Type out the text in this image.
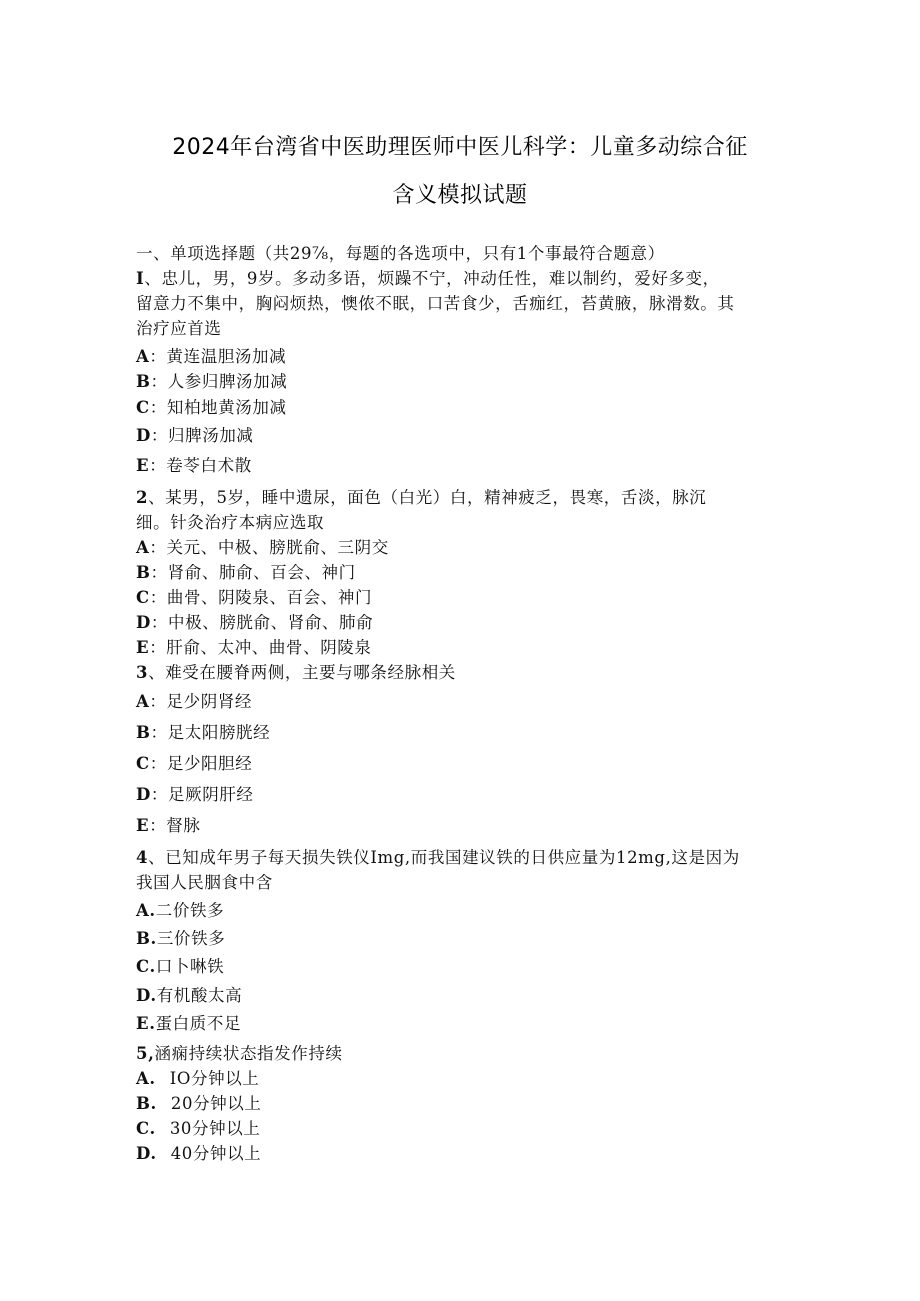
2024年台湾省中医助理医师中医儿科学：儿童多动综合征
含义模拟试题
一、单项选择题（共29⅞，每题的各选项中，只有1个事最符合题意）
I、忠儿，男，9岁。多动多语，烦躁不宁，冲动任性，难以制约，爱好多变，
留意力不集中，胸闷烦热，懊侬不眠，口苦食少，舌痂红，苔黄腋，脉滑数。其
治疗应首选
A：黄连温胆汤加减
B：人参归脾汤加减
C：知柏地黄汤加减
D：归脾汤加减
E：卷苓白术散
2、某男，5岁，睡中遗尿，面色（白光）白，精神疲乏，畏寒，舌淡，脉沉
细。针灸治疗本病应选取
A：关元、中极、膀胱俞、三阴交
B：肾俞、肺俞、百会、神门
C：曲骨、阴陵泉、百会、神门
D：中极、膀胱俞、肾俞、肺俞
E：肝俞、太冲、曲骨、阴陵泉
3、难受在腰脊两侧，主要与哪条经脉相关
A：足少阴肾经
B：足太阳膀胱经
C：足少阳胆经
D：足厥阴肝经
E：督脉
4、已知成年男子每天损失铁仪Img,而我国建议铁的日供应量为12mg,这是因为
我国人民胭食中含
A.二价铁多
B.三价铁多
C.口卜啉铁
D.有机酸太高
E.蛋白质不足
5,涵痫持续状态指发作持续
A. IO分钟以上
B. 20分钟以上
C. 30分钟以上
D. 40分钟以上
